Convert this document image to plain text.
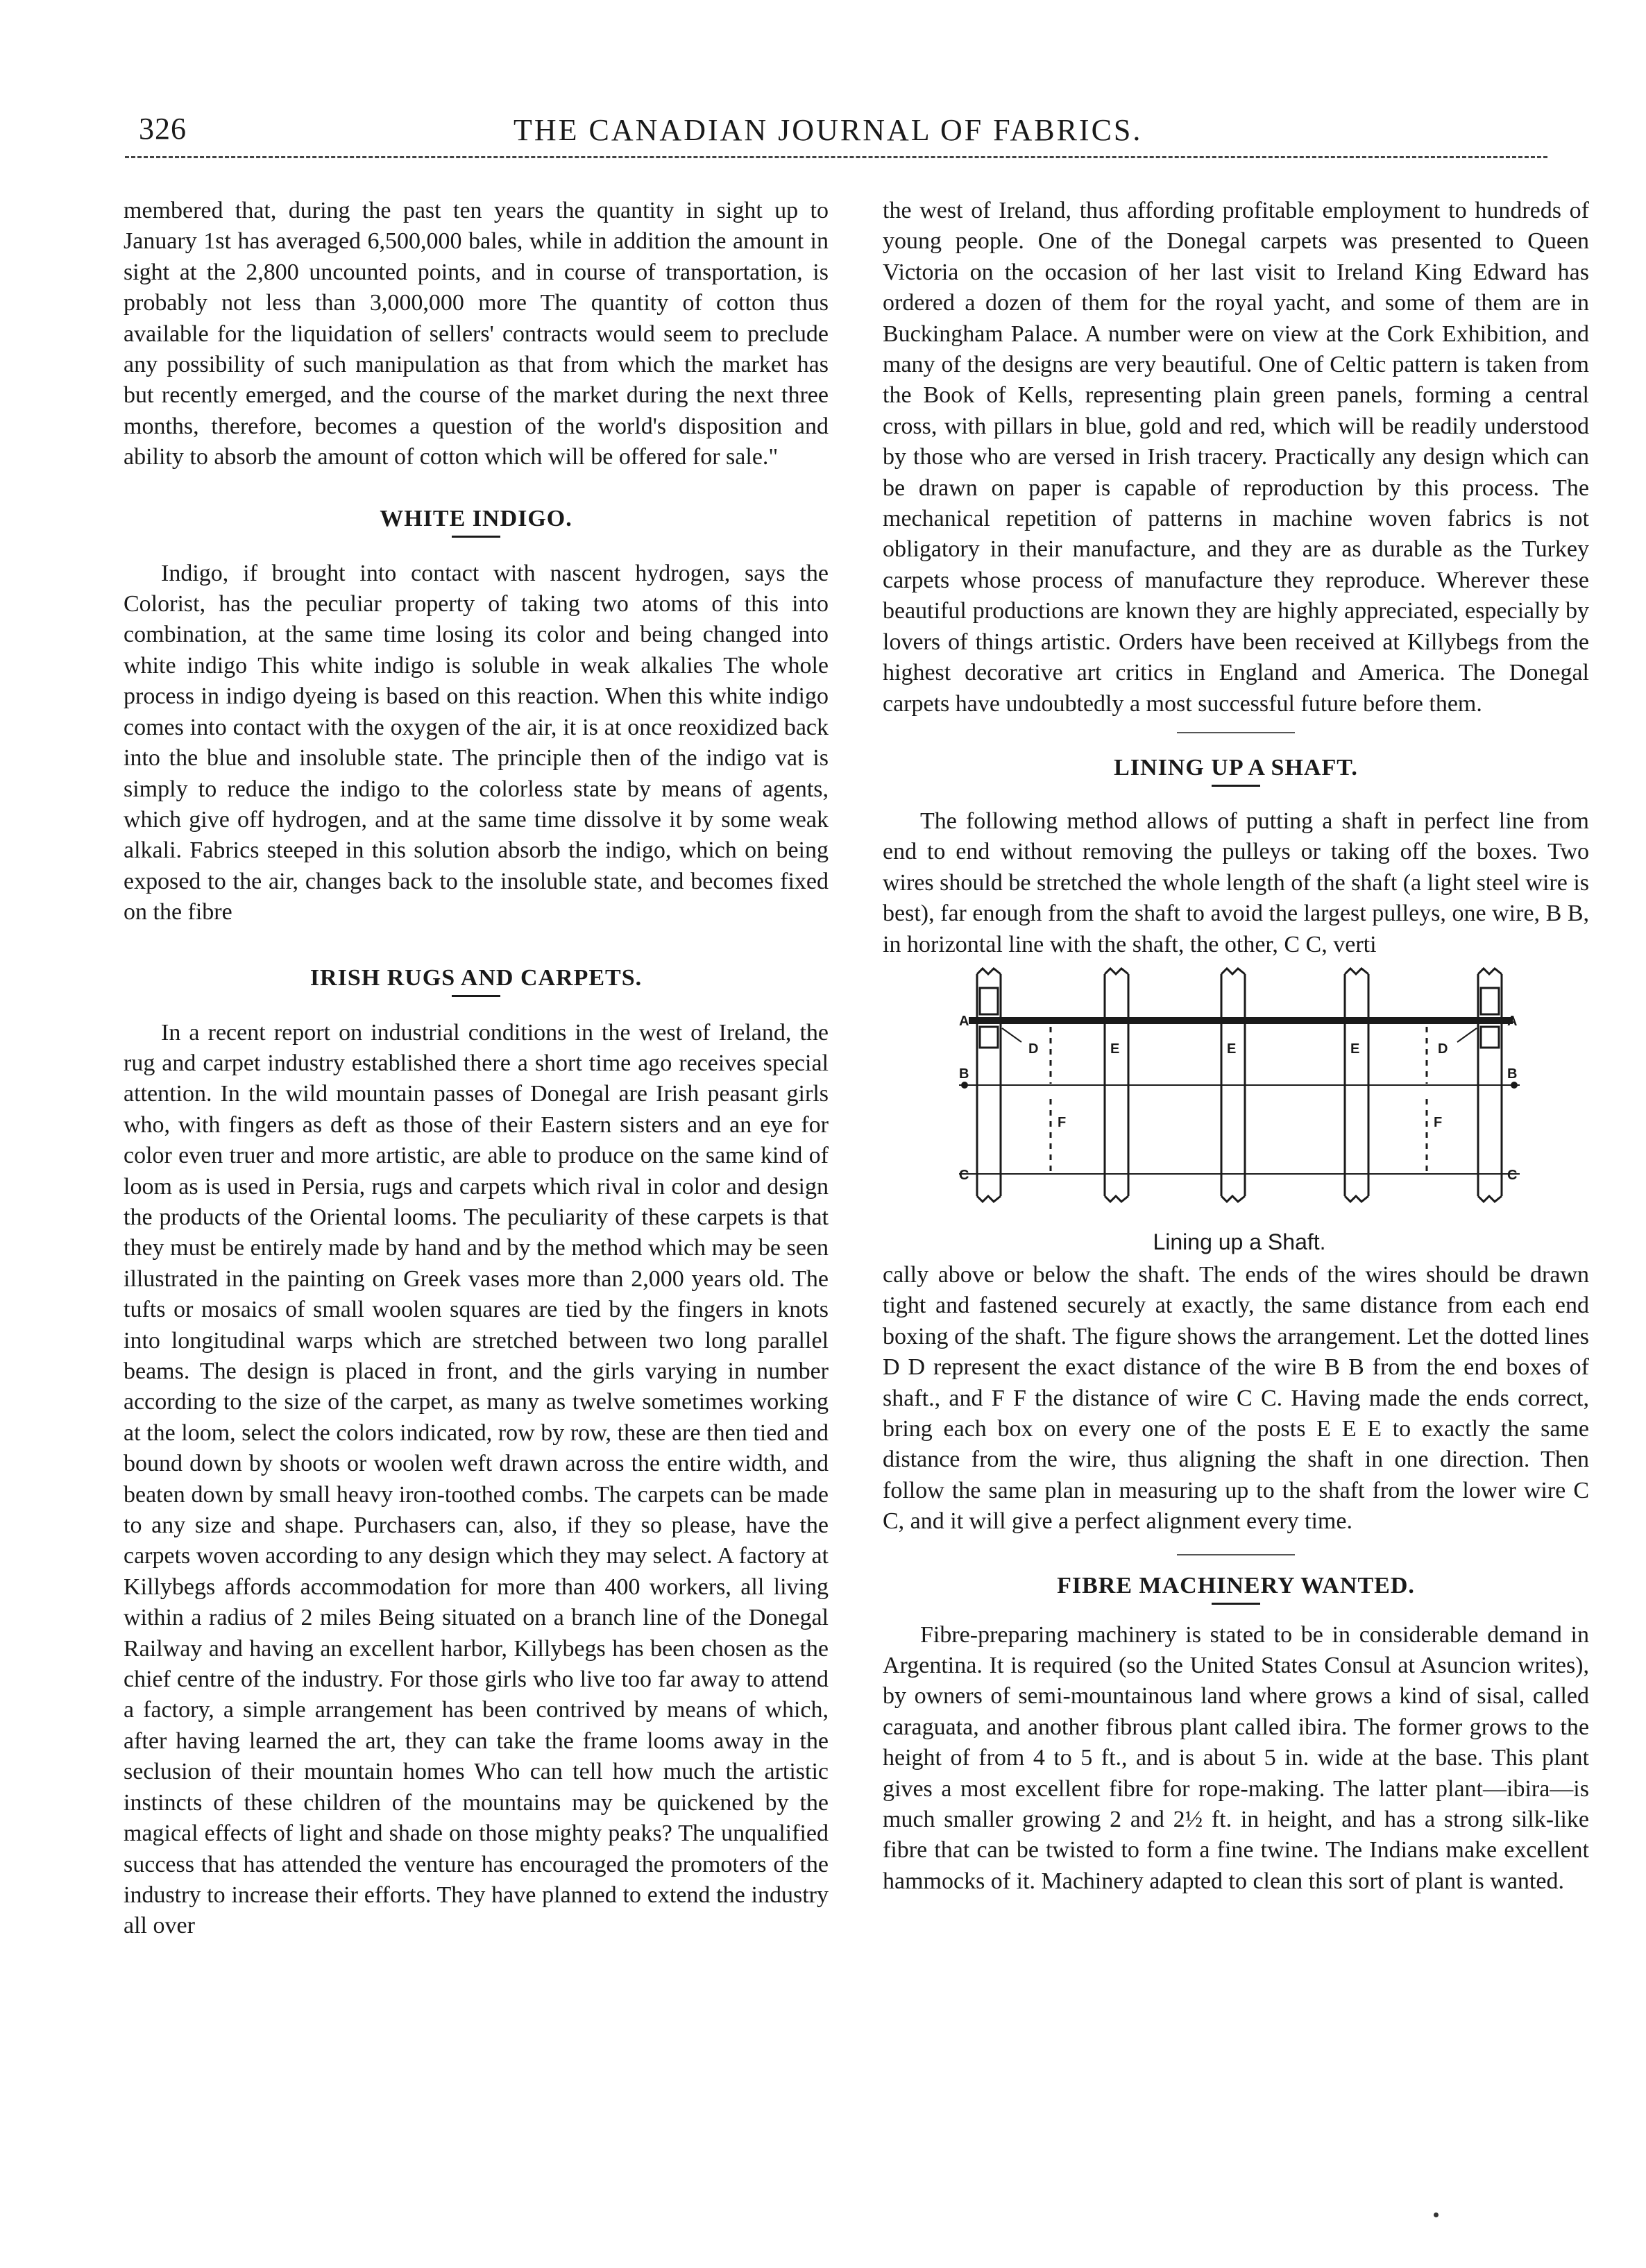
326	THE CANADIAN JOURNAL OF FABRICS.

membered that, during the past ten years the quantity in sight up to January 1st has averaged 6,500,000 bales, while in addition the amount in sight at the 2,800 uncounted points, and in course of transportation, is probably not less than 3,000,000 more The quantity of cotton thus available for the liquidation of sellers' contracts would seem to preclude any possibility of such manipulation as that from which the market has but recently emerged, and the course of the market during the next three months, therefore, becomes a question of the world's disposition and ability to absorb the amount of cotton which will be offered for sale."

WHITE INDIGO.

Indigo, if brought into contact with nascent hydrogen, says the Colorist, has the peculiar property of taking two atoms of this into combination, at the same time losing its color and being changed into white indigo This white indigo is soluble in weak alkalies The whole process in indigo dyeing is based on this reaction. When this white indigo comes into contact with the oxygen of the air, it is at once reoxidized back into the blue and insoluble state. The principle then of the indigo vat is simply to reduce the indigo to the colorless state by means of agents, which give off hydrogen, and at the same time dissolve it by some weak alkali. Fabrics steeped in this solution absorb the indigo, which on being exposed to the air, changes back to the insoluble state, and becomes fixed on the fibre

IRISH RUGS AND CARPETS.

In a recent report on industrial conditions in the west of Ireland, the rug and carpet industry established there a short time ago receives special attention. In the wild mountain passes of Donegal are Irish peasant girls who, with fingers as deft as those of their Eastern sisters and an eye for color even truer and more artistic, are able to produce on the same kind of loom as is used in Persia, rugs and carpets which rival in color and design the products of the Oriental looms. The peculiarity of these carpets is that they must be entirely made by hand and by the method which may be seen illustrated in the painting on Greek vases more than 2,000 years old. The tufts or mosaics of small woolen squares are tied by the fingers in knots into longitudinal warps which are stretched between two long parallel beams. The design is placed in front, and the girls varying in number according to the size of the carpet, as many as twelve sometimes working at the loom, select the colors indicated, row by row, these are then tied and bound down by shoots or woolen weft drawn across the entire width, and beaten down by small heavy iron-toothed combs. The carpets can be made to any size and shape. Purchasers can, also, if they so please, have the carpets woven according to any design which they may select. A factory at Killybegs affords accommodation for more than 400 workers, all living within a radius of 2 miles Being situated on a branch line of the Donegal Railway and having an excellent harbor, Killybegs has been chosen as the chief centre of the industry. For those girls who live too far away to attend a factory, a simple arrangement has been contrived by means of which, after having learned the art, they can take the frame looms away in the seclusion of their mountain homes Who can tell how much the artistic instincts of these children of the mountains may be quickened by the magical effects of light and shade on those mighty peaks? The unqualified success that has attended the venture has encouraged the promoters of the industry to increase their efforts. They have planned to extend the industry all over

the west of Ireland, thus affording profitable employment to hundreds of young people. One of the Donegal carpets was presented to Queen Victoria on the occasion of her last visit to Ireland King Edward has ordered a dozen of them for the royal yacht, and some of them are in Buckingham Palace. A number were on view at the Cork Exhibition, and many of the designs are very beautiful. One of Celtic pattern is taken from the Book of Kells, representing plain green panels, forming a central cross, with pillars in blue, gold and red, which will be readily understood by those who are versed in Irish tracery. Practically any design which can be drawn on paper is capable of reproduction by this process. The mechanical repetition of patterns in machine woven fabrics is not obligatory in their manufacture, and they are as durable as the Turkey carpets whose process of manufacture they reproduce. Wherever these beautiful productions are known they are highly appreciated, especially by lovers of things artistic. Orders have been received at Killybegs from the highest decorative art critics in England and America. The Donegal carpets have undoubtedly a most successful future before them.

LINING UP A SHAFT.

The following method allows of putting a shaft in perfect line from end to end without removing the pulleys or taking off the boxes. Two wires should be stretched the whole length of the shaft (a light steel wire is best), far enough from the shaft to avoid the largest pulleys, one wire, B B, in horizontal line with the shaft, the other, C C, verti

A	A
B	B
C	C
D	D
E	E	E
F	F
Lining up a Shaft.

cally above or below the shaft. The ends of the wires should be drawn tight and fastened securely at exactly, the same distance from each end boxing of the shaft. The figure shows the arrangement. Let the dotted lines D D represent the exact distance of the wire B B from the end boxes of shaft., and F F the distance of wire C C. Having made the ends correct, bring each box on every one of the posts E E E to exactly the same distance from the wire, thus aligning the shaft in one direction. Then follow the same plan in measuring up to the shaft from the lower wire C C, and it will give a perfect alignment every time.

FIBRE MACHINERY WANTED.

Fibre-preparing machinery is stated to be in considerable demand in Argentina. It is required (so the United States Consul at Asuncion writes), by owners of semi-mountainous land where grows a kind of sisal, called caraguata, and another fibrous plant called ibira. The former grows to the height of from 4 to 5 ft., and is about 5 in. wide at the base. This plant gives a most excellent fibre for rope-making. The latter plant—ibira—is much smaller growing 2 and 2½ ft. in height, and has a strong silk-like fibre that can be twisted to form a fine twine. The Indians make excellent hammocks of it. Machinery adapted to clean this sort of plant is wanted.
